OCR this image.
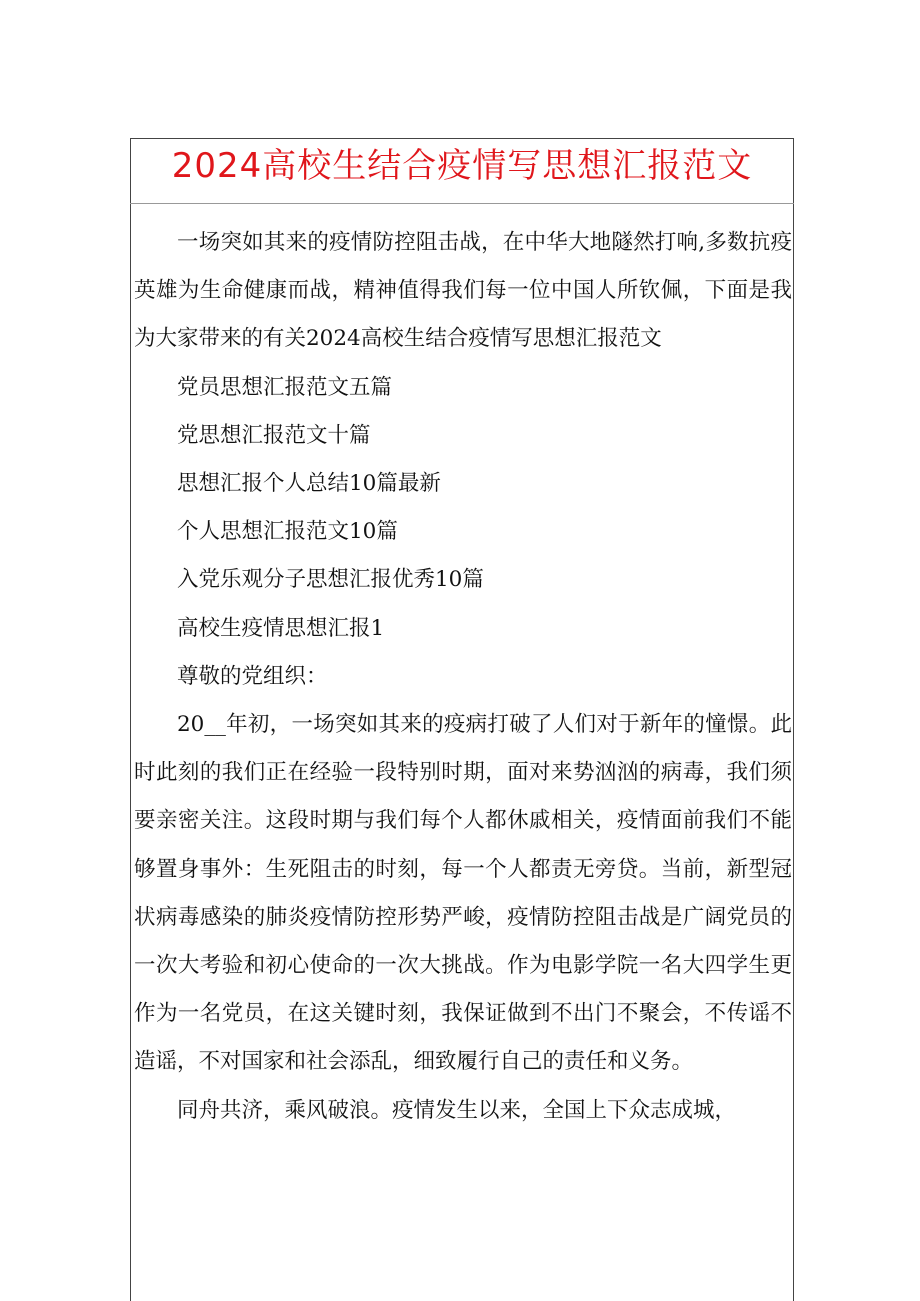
2024高校生结合疫情写思想汇报范文

一场突如其来的疫情防控阻击战，在中华大地隧然打响,多数抗疫英雄为生命健康而战，精神值得我们每一位中国人所钦佩，下面是我为大家带来的有关2024高校生结合疫情写思想汇报范文

党员思想汇报范文五篇

党思想汇报范文十篇

思想汇报个人总结10篇最新

个人思想汇报范文10篇

入党乐观分子思想汇报优秀10篇

高校生疫情思想汇报1

尊敬的党组织：

20__年初，一场突如其来的疫病打破了人们对于新年的憧憬。此时此刻的我们正在经验一段特别时期，面对来势汹汹的病毒，我们须要亲密关注。这段时期与我们每个人都休戚相关，疫情面前我们不能够置身事外：生死阻击的时刻，每一个人都责无旁贷。当前，新型冠状病毒感染的肺炎疫情防控形势严峻，疫情防控阻击战是广阔党员的一次大考验和初心使命的一次大挑战。作为电影学院一名大四学生更作为一名党员，在这关键时刻，我保证做到不出门不聚会，不传谣不造谣，不对国家和社会添乱，细致履行自己的责任和义务。

同舟共济，乘风破浪。疫情发生以来，全国上下众志成城，
